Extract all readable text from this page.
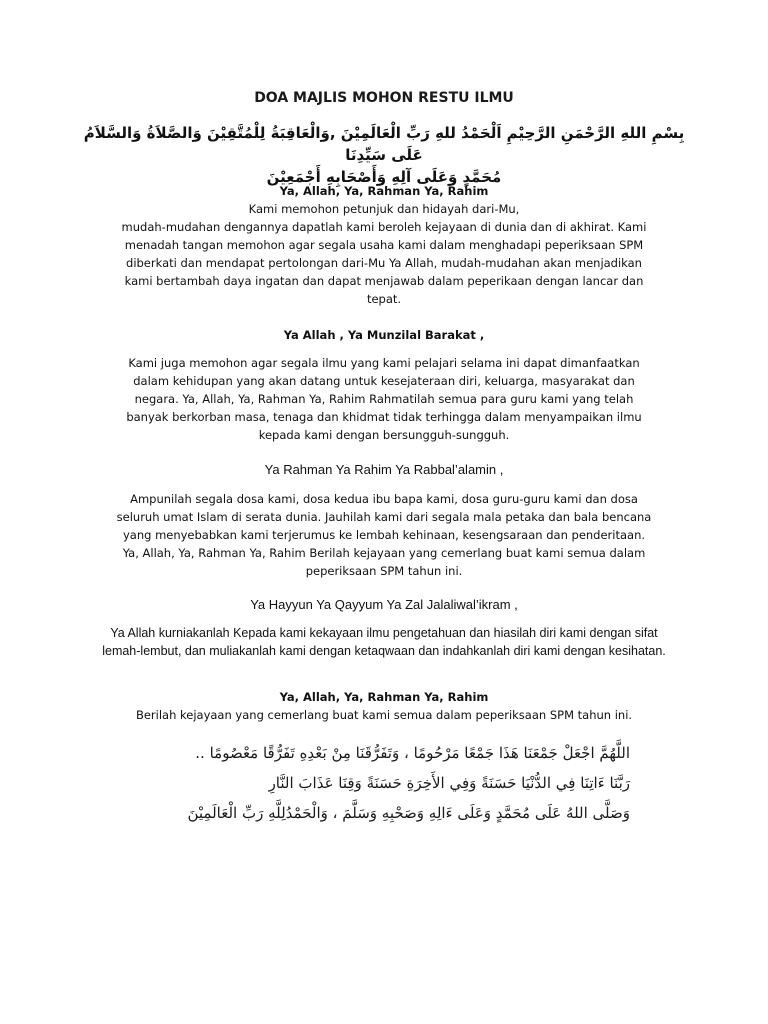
DOA MAJLIS MOHON RESTU ILMU
بِسْمِ اللهِ الرَّحْمَنِ الرَّحِيْمِ اَلْحَمْدُ للهِ رَبِّ الْعَالَمِيْنَ ,وَالْعَاقِبَةُ لِلْمُتَّقِيْنَ وَالصَّلاَةُ وَالسَّلاَمُ عَلَى سَيِّدِنَا
مُحَمَّدٍ وَعَلَى آلِهِ وَأَصْحَابِهِ أَجْمَعِيْنَ
Ya, Allah, Ya, Rahman Ya, Rahim
Kami memohon petunjuk dan hidayah dari-Mu,
mudah-mudahan dengannya dapatlah kami beroleh kejayaan di dunia dan di akhirat. Kami
menadah tangan memohon agar segala usaha kami dalam menghadapi peperiksaan SPM
diberkati dan mendapat pertolongan dari-Mu Ya Allah, mudah-mudahan akan menjadikan
kami bertambah daya ingatan dan dapat menjawab dalam peperikaan dengan lancar dan
tepat.
Ya Allah , Ya Munzilal Barakat ,
Kami juga memohon agar segala ilmu yang kami pelajari selama ini dapat dimanfaatkan
dalam kehidupan yang akan datang untuk kesejateraan diri, keluarga, masyarakat dan
negara. Ya, Allah, Ya, Rahman Ya, Rahim Rahmatilah semua para guru kami yang telah
banyak berkorban masa, tenaga dan khidmat tidak terhingga dalam menyampaikan ilmu
kepada kami dengan bersungguh-sungguh.
Ya Rahman Ya Rahim Ya Rabbal’alamin ,
Ampunilah segala dosa kami, dosa kedua ibu bapa kami, dosa guru-guru kami dan dosa
seluruh umat Islam di serata dunia. Jauhilah kami dari segala mala petaka dan bala bencana
yang menyebabkan kami terjerumus ke lembah kehinaan, kesengsaraan dan penderitaan.
Ya, Allah, Ya, Rahman Ya, Rahim Berilah kejayaan yang cemerlang buat kami semua dalam
peperiksaan SPM tahun ini.
Ya Hayyun Ya Qayyum Ya Zal Jalaliwal’ikram ,
Ya Allah kurniakanlah Kepada kami kekayaan ilmu pengetahuan dan hiasilah diri kami dengan sifat
lemah-lembut, dan muliakanlah kami dengan ketaqwaan dan indahkanlah diri kami dengan kesihatan.
Ya, Allah, Ya, Rahman Ya, Rahim
Berilah kejayaan yang cemerlang buat kami semua dalam peperiksaan SPM tahun ini.
اللَّهُمَّ اجْعَلْ جَمْعَنَا هَذَا جَمْعًا مَرْحُومًا ، وَتَفَرُّقَنَا مِنْ بَعْدِهِ تَفَرُّقًا مَعْصُومًا ..
رَبَّنَا ءَاتِنَا فِي الدُّنْيَا حَسَنَةً وَفِي الأَخِرَةِ حَسَنَةً وَقِنَا عَذَابَ النَّارِ
وَصَلَّى اللهُ عَلَى مُحَمَّدٍ وَعَلَى ءَالِهِ وَصَحْبِهِ وَسَلَّمَ ، وَالْحَمْدُلِلَّهِ رَبِّ الْعَالَمِيْنَ
